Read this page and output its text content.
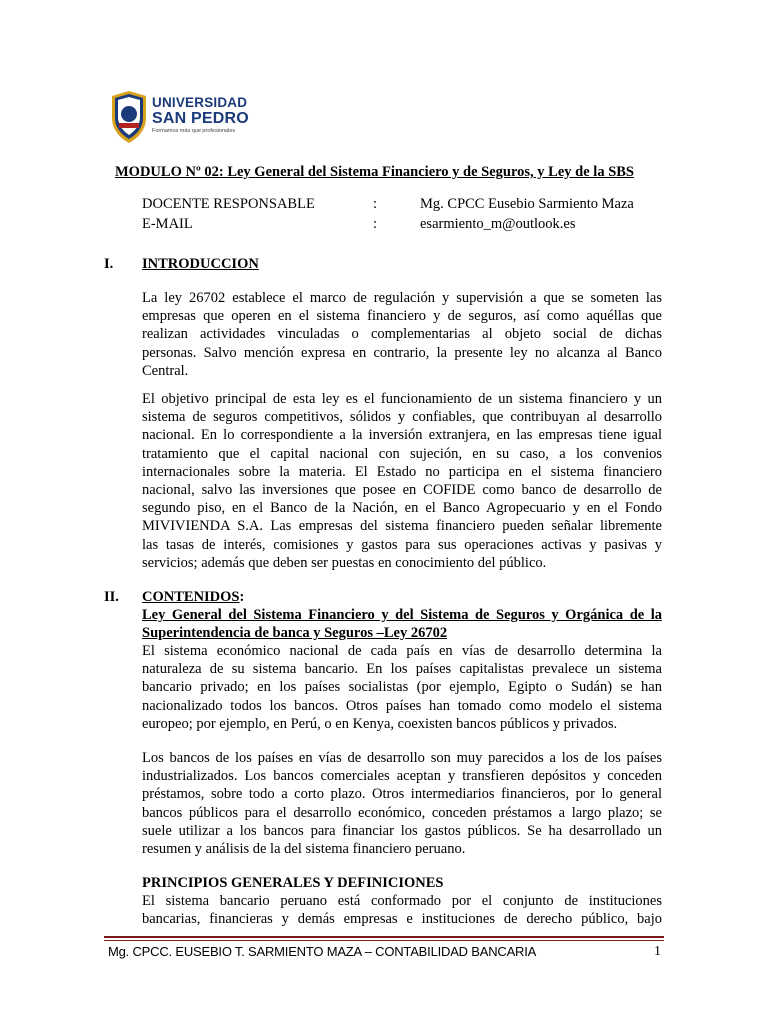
UNIVERSIDAD
SAN PEDRO
Formamos más que profesionales
MODULO Nº 02: Ley General del Sistema Financiero y de Seguros, y Ley de la SBS
DOCENTE RESPONSABLE	:	Mg. CPCC Eusebio Sarmiento Maza
E-MAIL	:	esarmiento_m@outlook.es
I. INTRODUCCION
La ley 26702 establece el marco de regulación y supervisión a que se someten las
empresas que operen en el sistema financiero y de seguros, así como aquéllas que
realizan actividades vinculadas o complementarias al objeto social de dichas
personas. Salvo mención expresa en contrario, la presente ley no alcanza al Banco
Central.
El objetivo principal de esta ley es el funcionamiento de un sistema financiero y un
sistema de seguros competitivos, sólidos y confiables, que contribuyan al desarrollo
nacional. En lo correspondiente a la inversión extranjera, en las empresas tiene igual
tratamiento que el capital nacional con sujeción, en su caso, a los convenios
internacionales sobre la materia. El Estado no participa en el sistema financiero
nacional, salvo las inversiones que posee en COFIDE como banco de desarrollo de
segundo piso, en el Banco de la Nación, en el Banco Agropecuario y en el Fondo
MIVIVIENDA S.A. Las empresas del sistema financiero pueden señalar libremente
las tasas de interés, comisiones y gastos para sus operaciones activas y pasivas y
servicios; además que deben ser puestas en conocimiento del público.
II. CONTENIDOS:
Ley General del Sistema Financiero y del Sistema de Seguros y Orgánica de la
Superintendencia de banca y Seguros –Ley 26702
El sistema económico nacional de cada país en vías de desarrollo determina la
naturaleza de su sistema bancario. En los países capitalistas prevalece un sistema
bancario privado; en los países socialistas (por ejemplo, Egipto o Sudán) se han
nacionalizado todos los bancos. Otros países han tomado como modelo el sistema
europeo; por ejemplo, en Perú, o en Kenya, coexisten bancos públicos y privados.
Los bancos de los países en vías de desarrollo son muy parecidos a los de los países
industrializados. Los bancos comerciales aceptan y transfieren depósitos y conceden
préstamos, sobre todo a corto plazo. Otros intermediarios financieros, por lo general
bancos públicos para el desarrollo económico, conceden préstamos a largo plazo; se
suele utilizar a los bancos para financiar los gastos públicos. Se ha desarrollado un
resumen y análisis de la del sistema financiero peruano.
PRINCIPIOS GENERALES Y DEFINICIONES
El sistema bancario peruano está conformado por el conjunto de instituciones
bancarias, financieras y demás empresas e instituciones de derecho público, bajo
Mg. CPCC. EUSEBIO T. SARMIENTO MAZA – CONTABILIDAD BANCARIA	1
